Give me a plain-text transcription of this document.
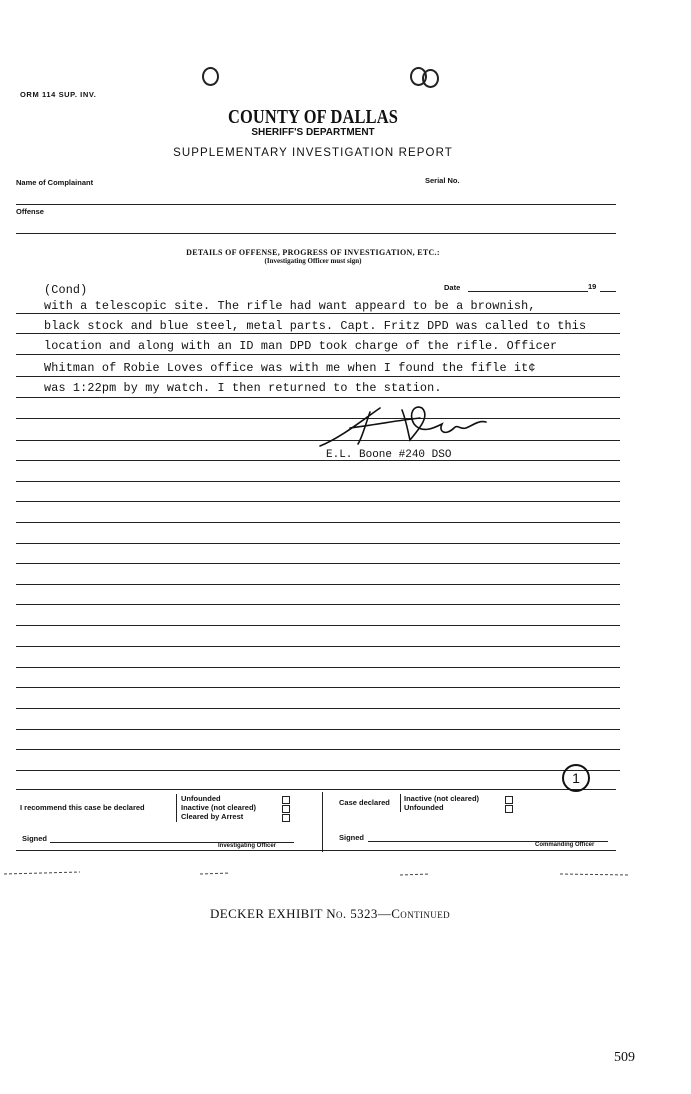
ORM 114 SUP. INV.
COUNTY OF DALLAS
SHERIFF'S DEPARTMENT
SUPPLEMENTARY INVESTIGATION REPORT
Name of Complainant	Serial No.
Offense
DETAILS OF OFFENSE, PROGRESS OF INVESTIGATION, ETC.:
(Investigating Officer must sign)
(Cond)	Date	19
with a telescopic site. The rifle had want appeard to be a brownish,
black stock and blue steel, metal parts. Capt. Fritz DPD was called to this
location and along with an ID man DPD took charge of the rifle. Officer
Whitman of Robie Loves office was with me when I found the fifle it¢
was 1:22pm by my watch. I then returned to the station.
E.L. Boone #240 DSO
1
I recommend this case be declared
Unfounded
Inactive (not cleared)
Cleared by Arrest
Case declared Inactive (not cleared)
Unfounded
Signed
Investigating Officer
Signed
Commanding Officer
DECKER EXHIBIT No. 5323—Continued
509
